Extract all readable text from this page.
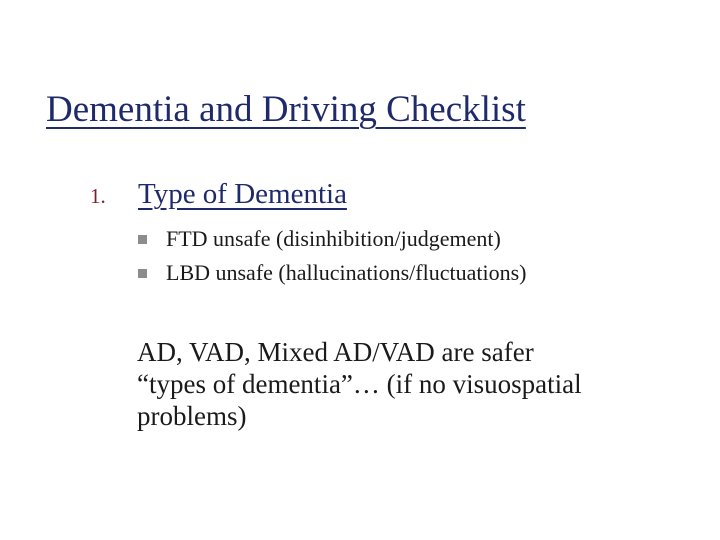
Dementia and Driving Checklist
1.	Type of Dementia
FTD unsafe (disinhibition/judgement)
LBD unsafe (hallucinations/fluctuations)
AD, VAD, Mixed AD/VAD are safer
“types of dementia”… (if no visuospatial
problems)
